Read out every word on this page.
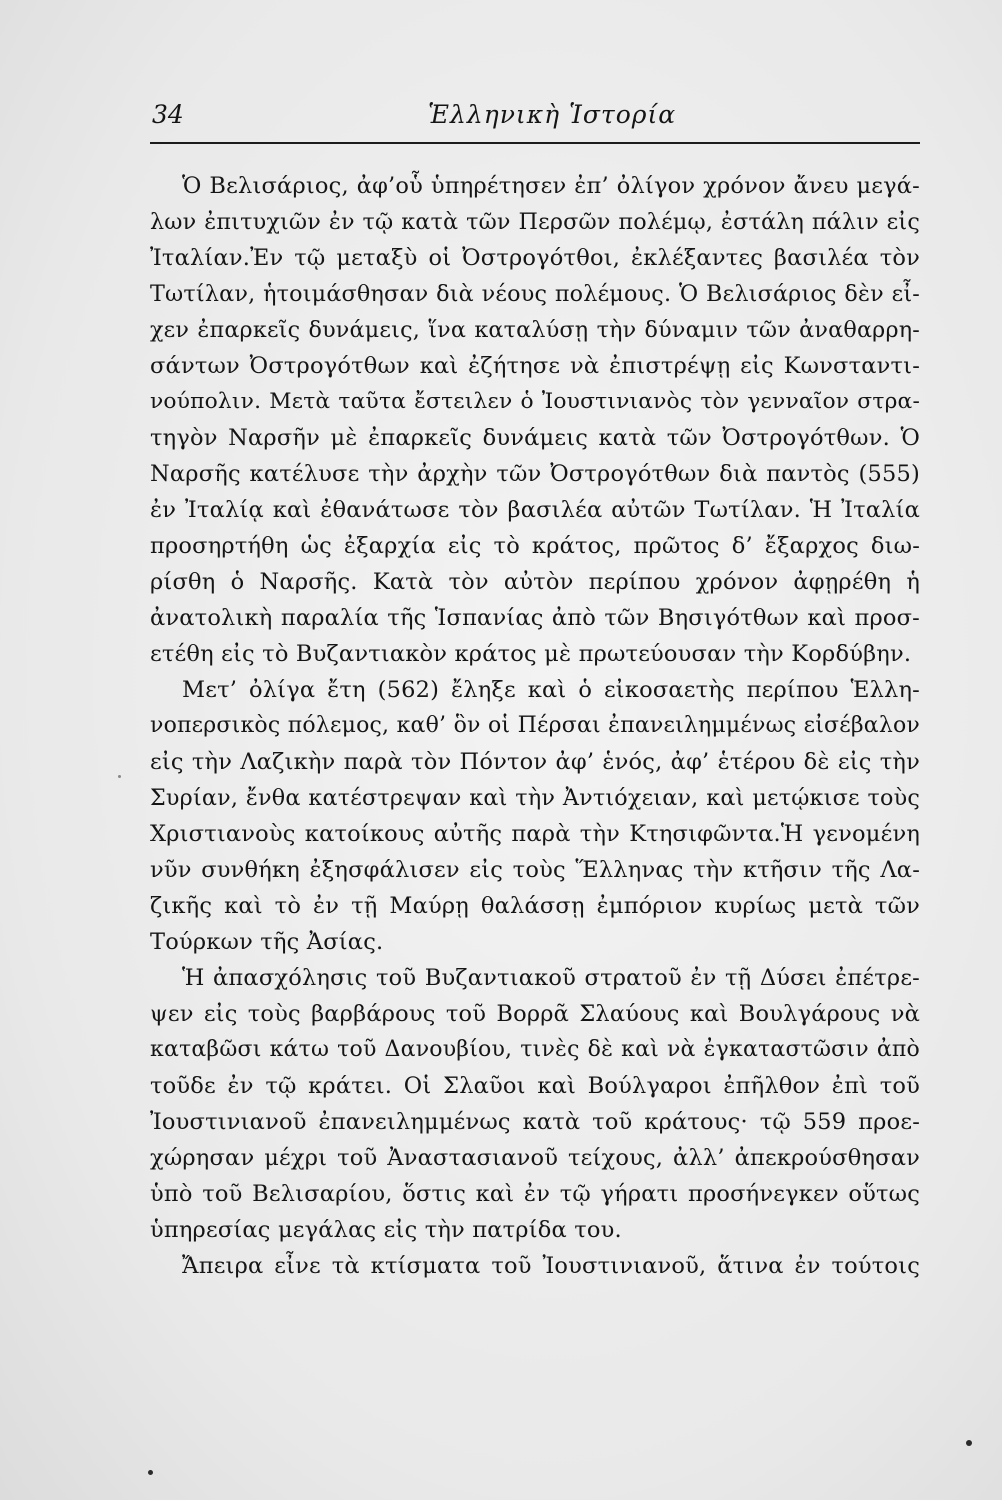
34	Ἑλληνικὴ Ἱστορία
Ὁ Βελισάριος, ἀφ’οὗ ὑπηρέτησεν ἐπ’ ὀλίγον χρόνον ἄνευ μεγά-
λων ἐπιτυχιῶν ἐν τῷ κατὰ τῶν Περσῶν πολέμῳ, ἐστάλη πάλιν εἰς
Ἰταλίαν.Ἐν τῷ μεταξὺ οἱ Ὀστρογότθοι, ἐκλέξαντες βασιλέα τὸν
Τωτίλαν, ἡτοιμάσθησαν διὰ νέους πολέμους. Ὁ Βελισάριος δὲν εἶ-
χεν ἐπαρκεῖς δυνάμεις, ἵνα καταλύσῃ τὴν δύναμιν τῶν ἀναθαρρη-
σάντων Ὀστρογότθων καὶ ἐζήτησε νὰ ἐπιστρέψῃ εἰς Κωνσταντι-
νούπολιν. Μετὰ ταῦτα ἔστειλεν ὁ Ἰουστινιανὸς τὸν γενναῖον στρα-
τηγὸν Ναρσῆν μὲ ἐπαρκεῖς δυνάμεις κατὰ τῶν Ὀστρογότθων. Ὁ
Ναρσῆς κατέλυσε τὴν ἀρχὴν τῶν Ὀστρογότθων διὰ παντὸς (555)
ἐν Ἰταλίᾳ καὶ ἐθανάτωσε τὸν βασιλέα αὐτῶν Τωτίλαν. Ἡ Ἰταλία
προσηρτήθη ὡς ἐξαρχία εἰς τὸ κράτος, πρῶτος δ’ ἔξαρχος διω-
ρίσθη ὁ Ναρσῆς. Κατὰ τὸν αὐτὸν περίπου χρόνον ἀφῃρέθη ἡ
ἀνατολικὴ παραλία τῆς Ἱσπανίας ἀπὸ τῶν Βησιγότθων καὶ προσ-
ετέθη εἰς τὸ Βυζαντιακὸν κράτος μὲ πρωτεύουσαν τὴν Κορδύβην.
Μετ’ ὀλίγα ἔτη (562) ἔληξε καὶ ὁ εἰκοσαετὴς περίπου Ἑλλη-
νοπερσικὸς πόλεμος, καθ’ ὃν οἱ Πέρσαι ἐπανειλημμένως εἰσέβαλον
εἰς τὴν Λαζικὴν παρὰ τὸν Πόντον ἀφ’ ἑνός, ἀφ’ ἑτέρου δὲ εἰς τὴν
Συρίαν, ἔνθα κατέστρεψαν καὶ τὴν Ἀντιόχειαν, καὶ μετῴκισε τοὺς
Χριστιανοὺς κατοίκους αὐτῆς παρὰ τὴν Κτησιφῶντα.Ἡ γενομένη
νῦν συνθήκη ἐξησφάλισεν εἰς τοὺς Ἕλληνας τὴν κτῆσιν τῆς Λα-
ζικῆς καὶ τὸ ἐν τῇ Μαύρῃ θαλάσσῃ ἐμπόριον κυρίως μετὰ τῶν
Τούρκων τῆς Ἀσίας.
Ἡ ἀπασχόλησις τοῦ Βυζαντιακοῦ στρατοῦ ἐν τῇ Δύσει ἐπέτρε-
ψεν εἰς τοὺς βαρβάρους τοῦ Βορρᾶ Σλαύους καὶ Βουλγάρους νὰ
καταβῶσι κάτω τοῦ Δανουβίου, τινὲς δὲ καὶ νὰ ἐγκαταστῶσιν ἀπὸ
τοῦδε ἐν τῷ κράτει. Οἱ Σλαῦοι καὶ Βούλγαροι ἐπῆλθον ἐπὶ τοῦ
Ἰουστινιανοῦ ἐπανειλημμένως κατὰ τοῦ κράτους· τῷ 559 προε-
χώρησαν μέχρι τοῦ Ἀναστασιανοῦ τείχους, ἀλλ’ ἀπεκρούσθησαν
ὑπὸ τοῦ Βελισαρίου, ὅστις καὶ ἐν τῷ γήρατι προσήνεγκεν οὕτως
ὑπηρεσίας μεγάλας εἰς τὴν πατρίδα του.
Ἄπειρα εἶνε τὰ κτίσματα τοῦ Ἰουστινιανοῦ, ἅτινα ἐν τούτοις
